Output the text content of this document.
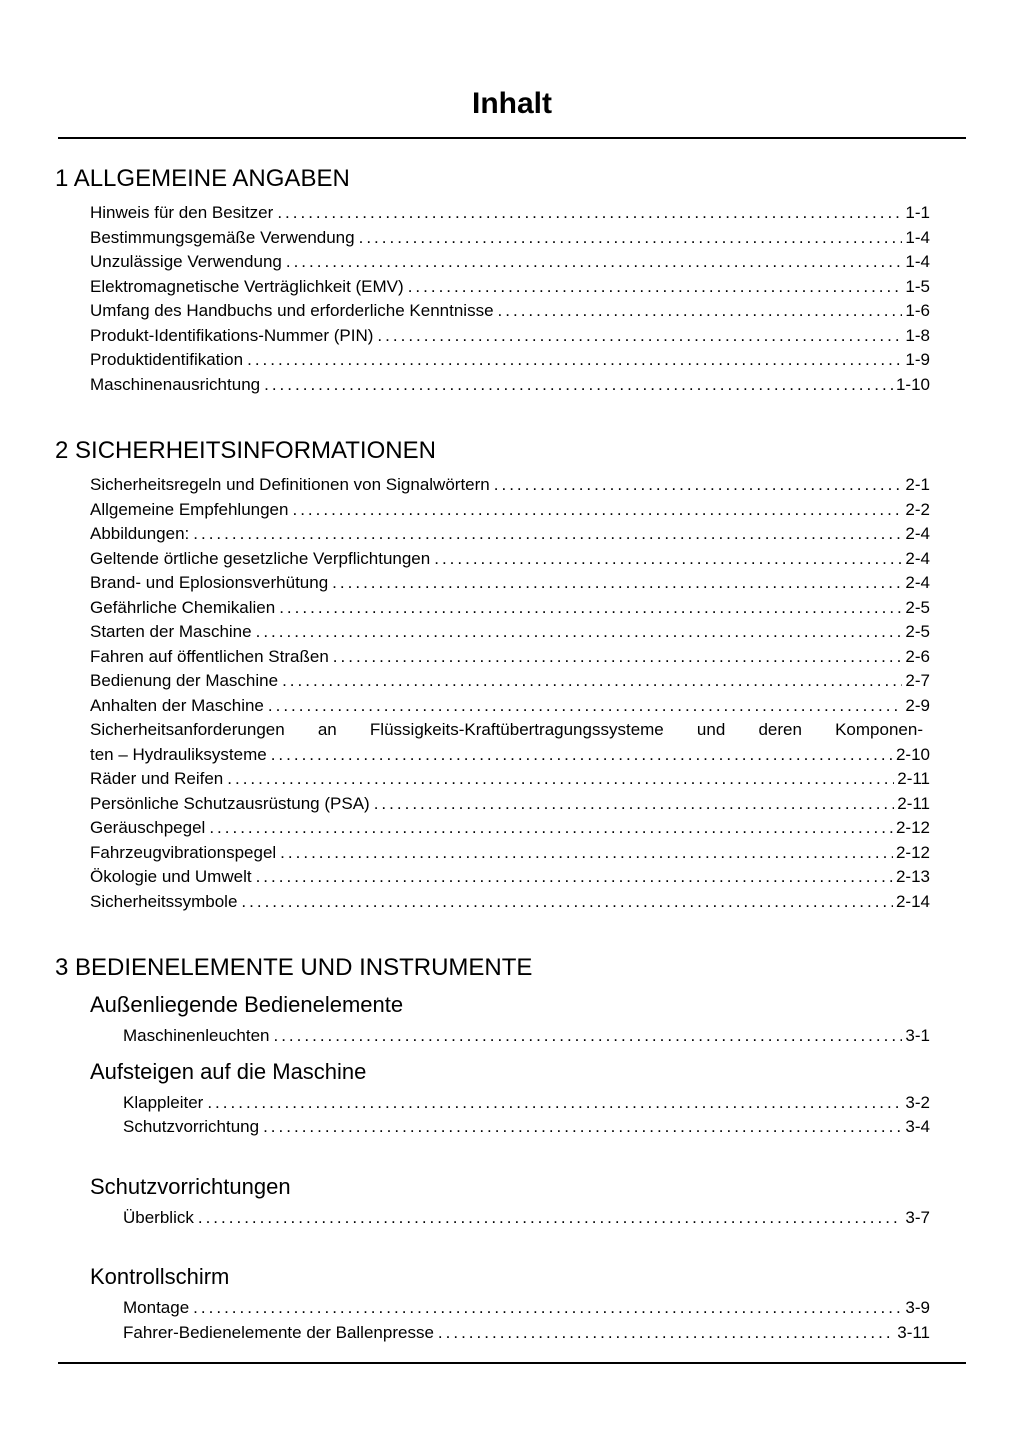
Inhalt
1 ALLGEMEINE ANGABEN
Hinweis für den Besitzer .....	1-1
Bestimmungsgemäße Verwendung .....	1-4
Unzulässige Verwendung .....	1-4
Elektromagnetische Verträglichkeit (EMV) .....	1-5
Umfang des Handbuchs und erforderliche Kenntnisse .....	1-6
Produkt-Identifikations-Nummer (PIN) .....	1-8
Produktidentifikation .....	1-9
Maschinenausrichtung .....	1-10
2 SICHERHEITSINFORMATIONEN
Sicherheitsregeln und Definitionen von Signalwörtern .....	2-1
Allgemeine Empfehlungen .....	2-2
Abbildungen: .....	2-4
Geltende örtliche gesetzliche Verpflichtungen .....	2-4
Brand- und Eplosionsverhütung .....	2-4
Gefährliche Chemikalien .....	2-5
Starten der Maschine .....	2-5
Fahren auf öffentlichen Straßen .....	2-6
Bedienung der Maschine .....	2-7
Anhalten der Maschine .....	2-9
Sicherheitsanforderungen an Flüssigkeits-Kraftübertragungssysteme und deren Komponen-
ten – Hydrauliksysteme .....	2-10
Räder und Reifen .....	2-11
Persönliche Schutzausrüstung (PSA) .....	2-11
Geräuschpegel .....	2-12
Fahrzeugvibrationspegel .....	2-12
Ökologie und Umwelt .....	2-13
Sicherheitssymbole .....	2-14
3 BEDIENELEMENTE UND INSTRUMENTE
Außenliegende Bedienelemente
Maschinenleuchten .....	3-1
Aufsteigen auf die Maschine
Klappleiter .....	3-2
Schutzvorrichtung .....	3-4
Schutzvorrichtungen
Überblick .....	3-7
Kontrollschirm
Montage .....	3-9
Fahrer-Bedienelemente der Ballenpresse .....	3-11
